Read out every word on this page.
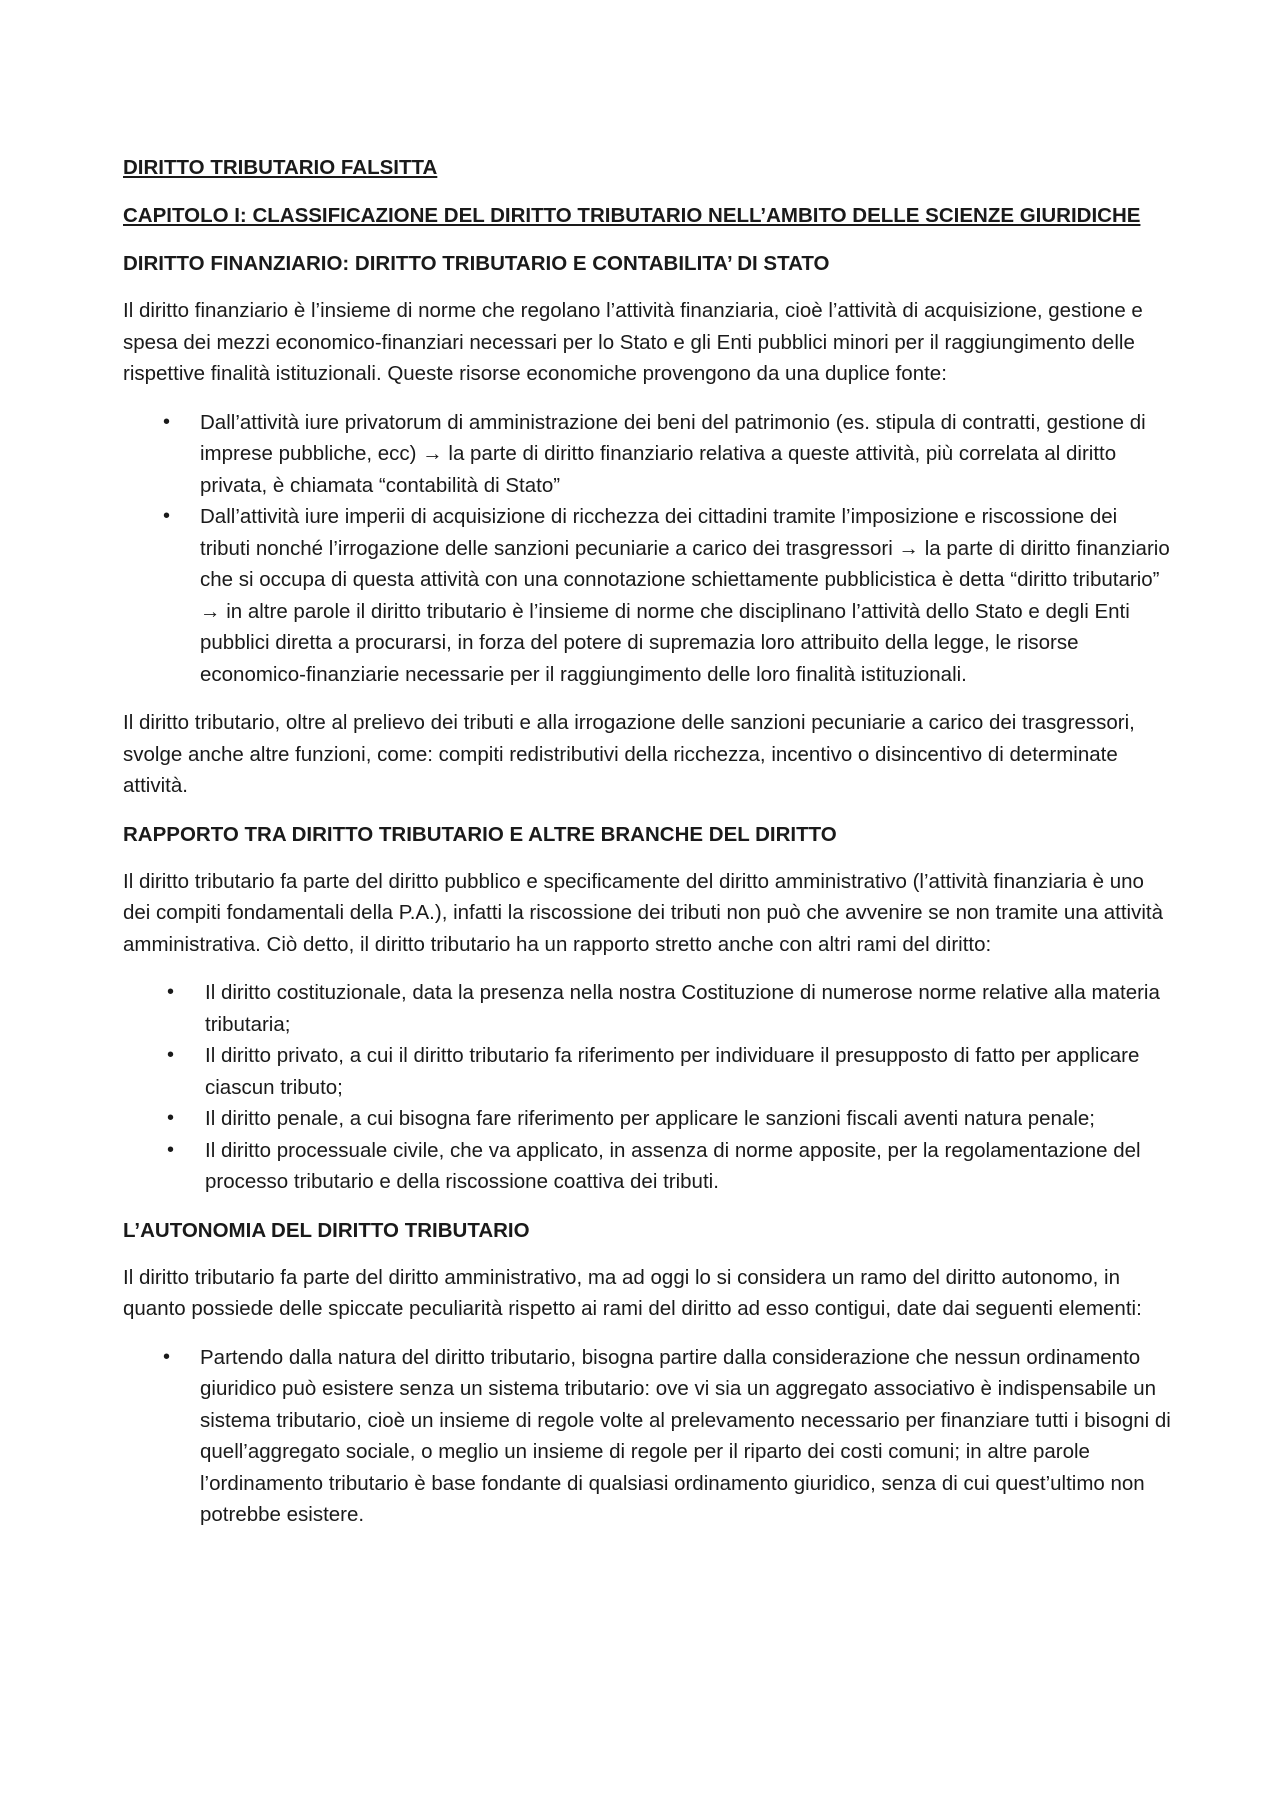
DIRITTO TRIBUTARIO FALSITTA
CAPITOLO I: CLASSIFICAZIONE DEL DIRITTO TRIBUTARIO NELL’AMBITO DELLE SCIENZE GIURIDICHE
DIRITTO FINANZIARIO: DIRITTO TRIBUTARIO E CONTABILITA’ DI STATO

Il diritto finanziario è l’insieme di norme che regolano l’attività finanziaria, cioè l’attività di acquisizione, gestione e spesa dei mezzi economico-finanziari necessari per lo Stato e gli Enti pubblici minori per il raggiungimento delle rispettive finalità istituzionali. Queste risorse economiche provengono da una duplice fonte:

• Dall’attività iure privatorum di amministrazione dei beni del patrimonio (es. stipula di contratti, gestione di imprese pubbliche, ecc) → la parte di diritto finanziario relativa a queste attività, più correlata al diritto privata, è chiamata “contabilità di Stato”
• Dall’attività iure imperii di acquisizione di ricchezza dei cittadini tramite l’imposizione e riscossione dei tributi nonché l’irrogazione delle sanzioni pecuniarie a carico dei trasgressori → la parte di diritto finanziario che si occupa di questa attività con una connotazione schiettamente pubblicistica è detta “diritto tributario” → in altre parole il diritto tributario è l’insieme di norme che disciplinano l’attività dello Stato e degli Enti pubblici diretta a procurarsi, in forza del potere di supremazia loro attribuito della legge, le risorse economico-finanziarie necessarie per il raggiungimento delle loro finalità istituzionali.

Il diritto tributario, oltre al prelievo dei tributi e alla irrogazione delle sanzioni pecuniarie a carico dei trasgressori, svolge anche altre funzioni, come: compiti redistributivi della ricchezza, incentivo o disincentivo di determinate attività.

RAPPORTO TRA DIRITTO TRIBUTARIO E ALTRE BRANCHE DEL DIRITTO

Il diritto tributario fa parte del diritto pubblico e specificamente del diritto amministrativo (l’attività finanziaria è uno dei compiti fondamentali della P.A.), infatti la riscossione dei tributi non può che avvenire se non tramite una attività amministrativa. Ciò detto, il diritto tributario ha un rapporto stretto anche con altri rami del diritto:

• Il diritto costituzionale, data la presenza nella nostra Costituzione di numerose norme relative alla materia tributaria;
• Il diritto privato, a cui il diritto tributario fa riferimento per individuare il presupposto di fatto per applicare ciascun tributo;
• Il diritto penale, a cui bisogna fare riferimento per applicare le sanzioni fiscali aventi natura penale;
• Il diritto processuale civile, che va applicato, in assenza di norme apposite, per la regolamentazione del processo tributario e della riscossione coattiva dei tributi.
L’AUTONOMIA DEL DIRITTO TRIBUTARIO

Il diritto tributario fa parte del diritto amministrativo, ma ad oggi lo si considera un ramo del diritto autonomo, in quanto possiede delle spiccate peculiarità rispetto ai rami del diritto ad esso contigui, date dai seguenti elementi:

• Partendo dalla natura del diritto tributario, bisogna partire dalla considerazione che nessun ordinamento giuridico può esistere senza un sistema tributario: ove vi sia un aggregato associativo è indispensabile un sistema tributario, cioè un insieme di regole volte al prelevamento necessario per finanziare tutti i bisogni di quell’aggregato sociale, o meglio un insieme di regole per il riparto dei costi comuni; in altre parole l’ordinamento tributario è base fondante di qualsiasi ordinamento giuridico, senza di cui quest’ultimo non potrebbe esistere.
